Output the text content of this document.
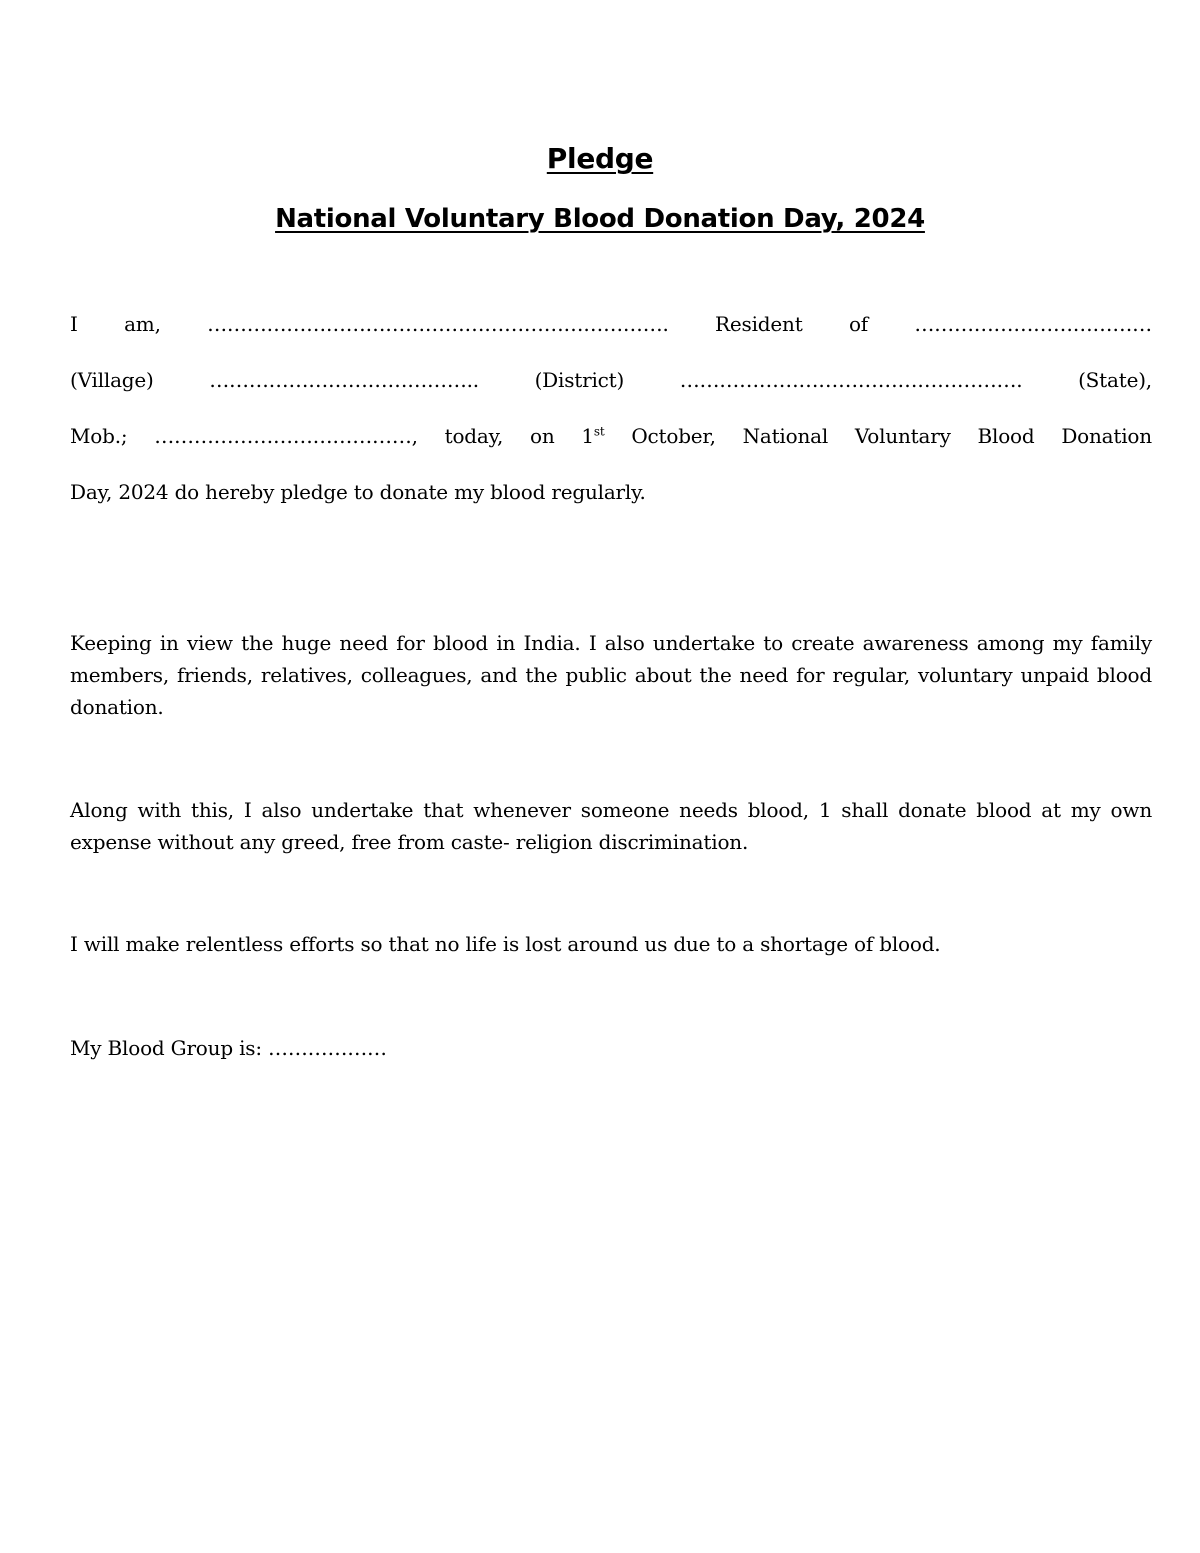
Pledge
National Voluntary Blood Donation Day, 2024
I am, ……………………………………………………………. Resident of ………………………………
(Village)	…………………………………..	(District)	…………………………………………….	(State),
Mob.; …………………………………, today, on 1st October, National Voluntary Blood Donation
Day, 2024 do hereby pledge to donate my blood regularly.

Keeping in view the huge need for blood in India. I also undertake to create awareness among my family members, friends, relatives, colleagues, and the public about the need for regular, voluntary unpaid blood donation.

Along with this, I also undertake that whenever someone needs blood, 1 shall donate blood at my own expense without any greed, free from caste- religion discrimination.

I will make relentless efforts so that no life is lost around us due to a shortage of blood.

My Blood Group is: ………………
